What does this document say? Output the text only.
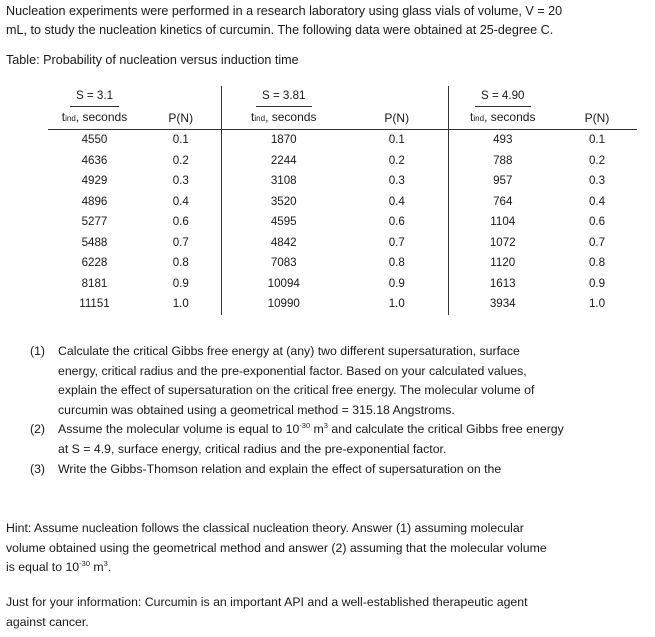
Nucleation experiments were performed in a research laboratory using glass vials of volume, V = 20
mL, to study the nucleation kinetics of curcumin. The following data were obtained at 25-degree C.
Table: Probability of nucleation versus induction time
S = 3.1		S = 3.81		S = 4.90	
tind, seconds	P(N)	tind, seconds	P(N)	tind, seconds	P(N)
4550	0.1	1870	0.1	493	0.1
4636	0.2	2244	0.2	788	0.2
4929	0.3	3108	0.3	957	0.3
4896	0.4	3520	0.4	764	0.4
5277	0.6	4595	0.6	1104	0.6
5488	0.7	4842	0.7	1072	0.7
6228	0.8	7083	0.8	1120	0.8
8181	0.9	10094	0.9	1613	0.9
11151	1.0	10990	1.0	3934	1.0
(1) Calculate the critical Gibbs free energy at (any) two different supersaturation, surface
energy, critical radius and the pre-exponential factor. Based on your calculated values,
explain the effect of supersaturation on the critical free energy. The molecular volume of
curcumin was obtained using a geometrical method = 315.18 Angstroms.
(2) Assume the molecular volume is equal to $10^{-30}$ $m^3$ and calculate the critical Gibbs free energy
at S = 4.9, surface energy, critical radius and the pre-exponential factor.
(3) Write the Gibbs-Thomson relation and explain the effect of supersaturation on the
Hint: Assume nucleation follows the classical nucleation theory. Answer (1) assuming molecular
volume obtained using the geometrical method and answer (2) assuming that the molecular volume
is equal to $10^{-30}$ $m^3$.
Just for your information: Curcumin is an important API and a well-established therapeutic agent
against cancer.
